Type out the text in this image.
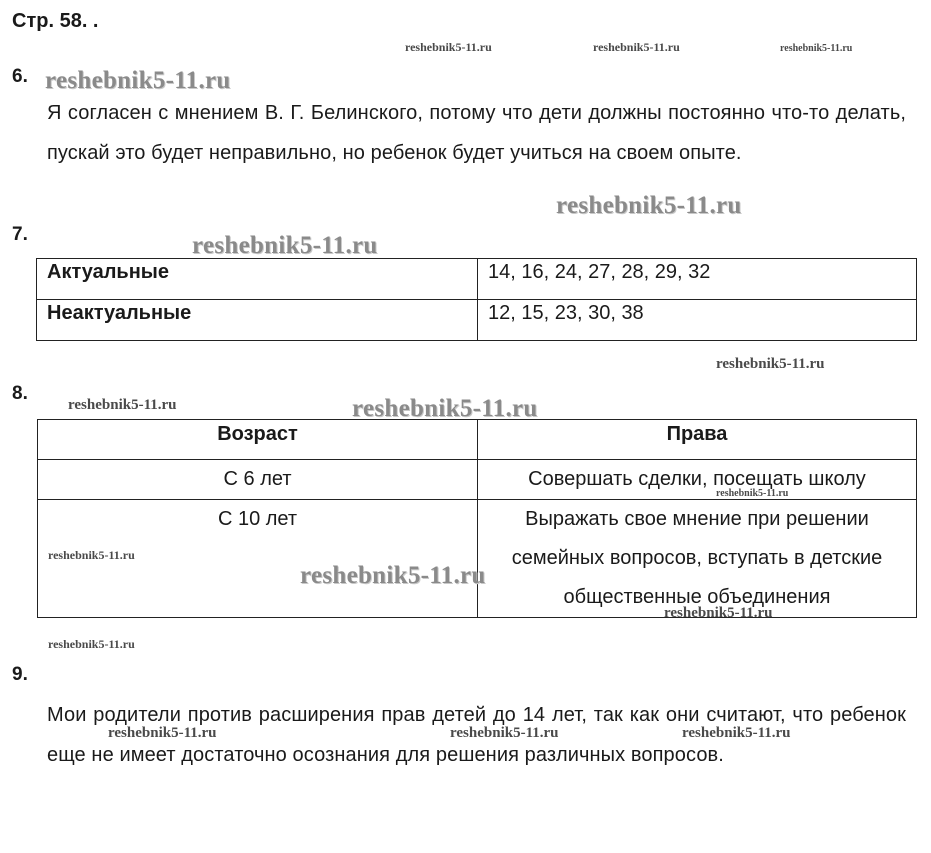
Стр. 58. .
reshebnik5-11.ru	reshebnik5-11.ru	reshebnik5-11.ru
6. reshebnik5-11.ru
Я согласен с мнением В. Г. Белинского, потому что дети должны постоянно что-то делать, пускай это будет неправильно, но ребенок будет учиться на своем опыте.
reshebnik5-11.ru
7.	reshebnik5-11.ru
Актуальные	14, 16, 24, 27, 28, 29, 32
Неактуальные	12, 15, 23, 30, 38
reshebnik5-11.ru
8.
reshebnik5-11.ru	reshebnik5-11.ru
Возраст	Права
С 6 лет	Совершать сделки, посещать школу
С 10 лет	Выражать свое мнение при решении семейных вопросов, вступать в детские общественные объединения
reshebnik5-11.ru
reshebnik5-11.ru
reshebnik5-11.ru
reshebnik5-11.ru
reshebnik5-11.ru
9.
Мои родители против расширения прав детей до 14 лет, так как они считают, что ребенок еще не имеет достаточно осознания для решения различных вопросов.
reshebnik5-11.ru	reshebnik5-11.ru	reshebnik5-11.ru
